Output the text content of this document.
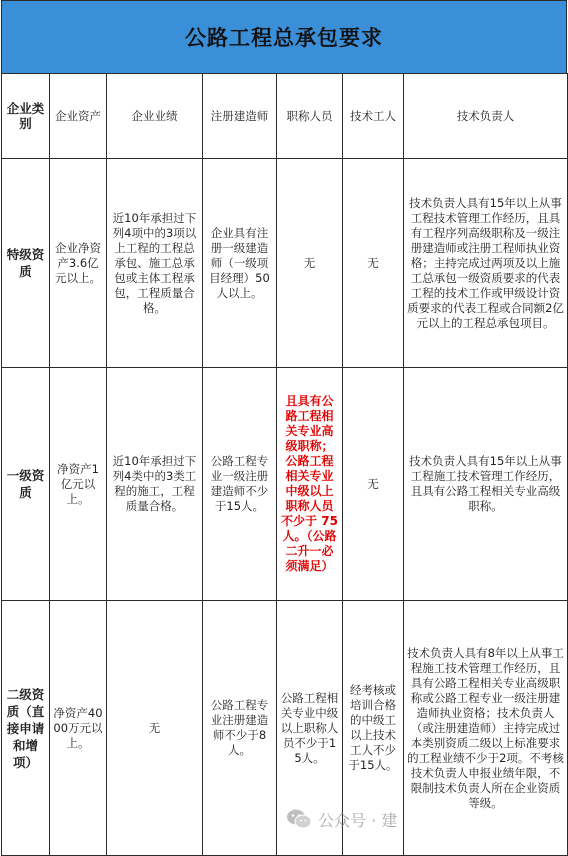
公路工程总承包要求
企业类别	企业资产	企业业绩	注册建造师	职称人员	技术工人	技术负责人
特级资质	企业净资产3.6亿元以上。	近10年承担过下列4项中的3项以上工程的工程总承包、施工总承包或主体工程承包，工程质量合格。	企业具有注册一级建造师（一级项目经理）50人以上。	无	无	技术负责人具有15年以上从事工程技术管理工作经历，且具有工程序列高级职称及一级注册建造师或注册工程师执业资格；主持完成过两项及以上施工总承包一级资质要求的代表工程的技术工作或甲级设计资质要求的代表工程或合同额2亿元以上的工程总承包项目。
一级资质	净资产1亿元以上。	近10年承担过下列4类中的3类工程的施工，工程质量合格。	公路工程专业一级注册建造师不少于15人。	且具有公路工程相关专业高级职称；公路工程相关专业中级以上职称人员不少于 75 人。（公路二升一必须满足）	无	技术负责人具有15年以上从事工程施工技术管理工作经历，且具有公路工程相关专业高级职称。
二级资质（直接申请和增项）	净资产4000万元以上。	无	公路工程专业注册建造师不少于8人。	公路工程相关专业中级以上职称人员不少于15人。	经考核或培训合格的中级工以上技术工人不少于15人。	技术负责人具有8年以上从事工程施工技术管理工作经历，且具有公路工程相关专业高级职称或公路工程专业一级注册建造师执业资格；技术负责人（或注册建造师）主持完成过本类别资质二级以上标准要求的工程业绩不少于2项。不考核技术负责人申报业绩年限，不限制技术负责人所在企业资质等级。
公众号 · 建
